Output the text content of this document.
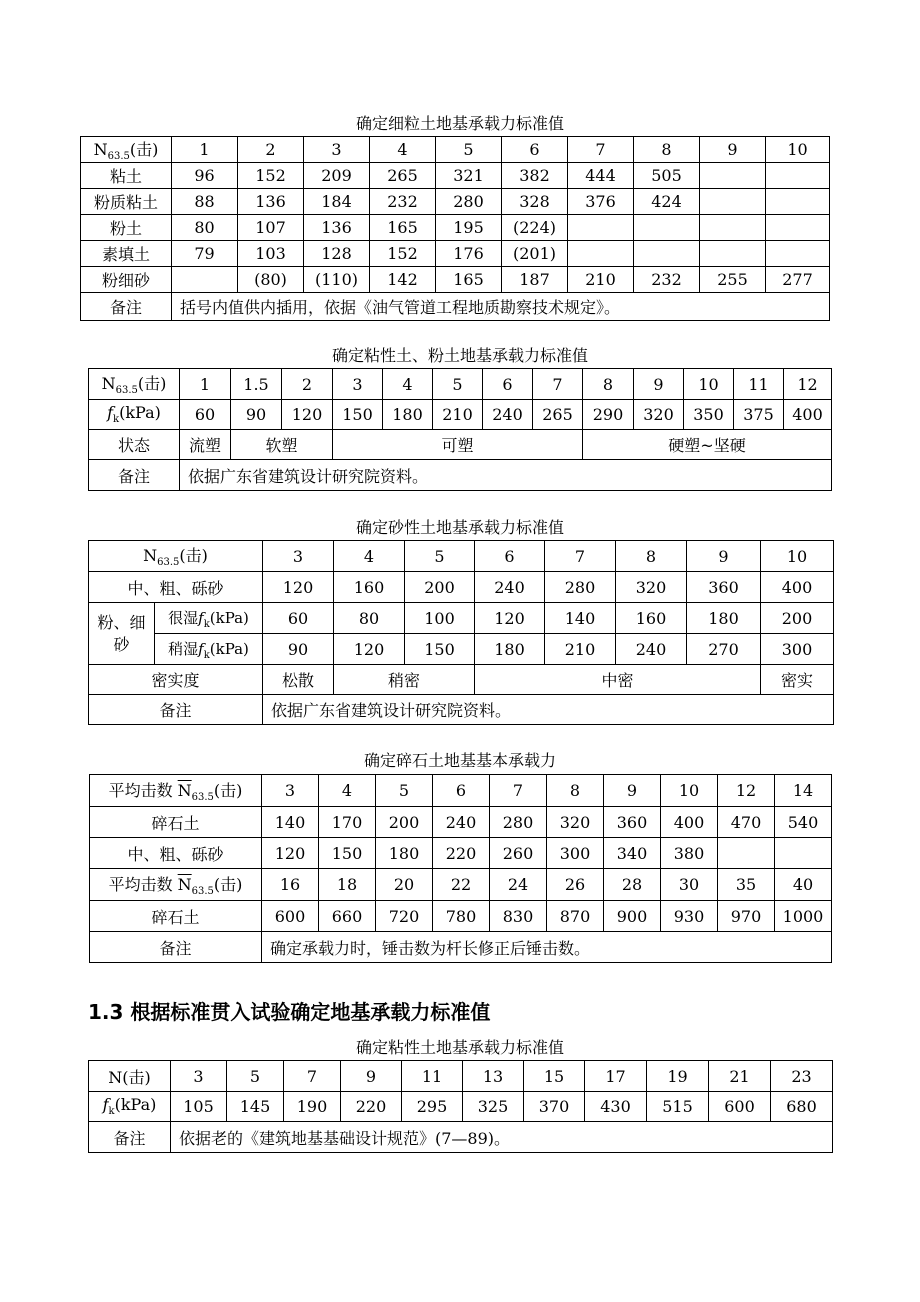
确定细粒土地基承载力标准值
$N_{63.5}$(击)	1	2	3	4	5	6	7	8	9	10
粘土	96	152	209	265	321	382	444	505		
粉质粘土	88	136	184	232	280	328	376	424		
粉土	80	107	136	165	195	(224)				
素填土	79	103	128	152	176	(201)				
粉细砂		(80)	(110)	142	165	187	210	232	255	277
备注	括号内值供内插用，依据《油气管道工程地质勘察技术规定》。									
确定粘性土、粉土地基承载力标准值
$N_{63.5}$(击)	1	1.5	2	3	4	5	6	7	8	9	10	11	12
$f_k(kPa)$	60	90	120	150	180	210	240	265	290	320	350	375	400
状态	流塑	软塑		可塑					硬塑~坚硬				
备注	依据广东省建筑设计研究院资料。												
确定砂性土地基承载力标准值
$N_{63.5}$(击)		3	4	5	6	7	8	9	10
中、粗、砾砂		120	160	200	240	280	320	360	400
粉、细砂	很湿$f_k(kPa)$	60	80	100	120	140	160	180	200
	稍湿$f_k(kPa)$	90	120	150	180	210	240	270	300
密实度		松散	稍密		中密				密实
备注		依据广东省建筑设计研究院资料。							
确定碎石土地基基本承载力
平均击数 $\overline{N}_{63.5}$(击)	3	4	5	6	7	8	9	10	12	14
碎石土	140	170	200	240	280	320	360	400	470	540
中、粗、砾砂	120	150	180	220	260	300	340	380		
平均击数 $\overline{N}_{63.5}$(击)	16	18	20	22	24	26	28	30	35	40
碎石土	600	660	720	780	830	870	900	930	970	1000
备注	确定承载力时，锤击数为杆长修正后锤击数。									
1.3 根据标准贯入试验确定地基承载力标准值
确定粘性土地基承载力标准值
N(击)	3	5	7	9	11	13	15	17	19	21	23
$f_k(kPa)$	105	145	190	220	295	325	370	430	515	600	680
备注	依据老的《建筑地基基础设计规范》(7—89)。										
